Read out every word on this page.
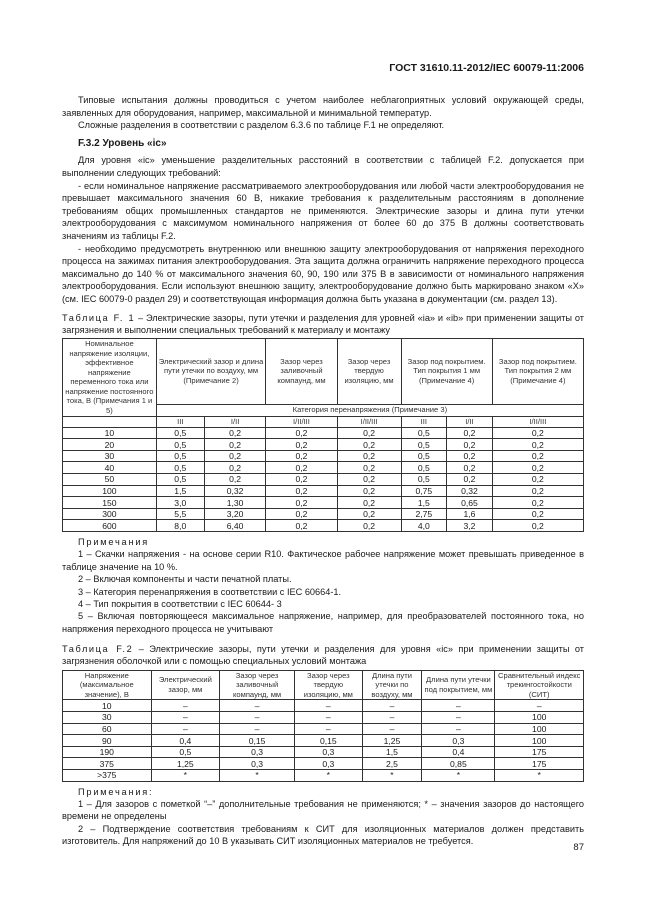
ГОСТ 31610.11-2012/IEC 60079-11:2006

Типовые испытания должны проводиться с учетом наиболее неблагоприятных условий окружающей среды, заявленных для оборудования, например, максимальной и минимальной температур.

Сложные разделения в соответствии с разделом 6.3.6 по таблице F.1 не определяют.

F.3.2 Уровень «ic»

Для уровня «ic» уменьшение разделительных расстояний в соответствии с таблицей F.2. допускается при выполнении следующих требований:

- если номинальное напряжение рассматриваемого электрооборудования или любой части электрооборудования не превышает максимального значения 60 В, никакие требования к разделительным расстояниям в дополнение требованиям общих промышленных стандартов не применяются. Электрические зазоры и длина пути утечки электрооборудования с максимумом номинального напряжения от более 60 до 375 В должны соответствовать значениям из таблицы F.2.

- необходимо предусмотреть внутреннюю или внешнюю защиту электрооборудования от напряжения переходного процесса на зажимах питания электрооборудования. Эта защита должна ограничить напряжение переходного процесса максимально до 140 % от максимального значения 60, 90, 190 или 375 В в зависимости от номинального напряжения электрооборудования. Если используют внешнюю защиту, электрооборудование должно быть маркировано знаком «X» (см. IEC 60079-0 раздел 29) и соответствующая информация должна быть указана в документации (см. раздел 13).

Таблица F. 1 – Электрические зазоры, пути утечки и разделения для уровней «ia» и «ib» при применении защиты от загрязнения и выполнении специальных требований к материалу и монтажу

Номинальное напряжение изоляции, эффективное напряжение переменного тока или напряжение постоянного тока, В (Примечания 1 и 5)	Электрический зазор и длина пути утечки по воздуху, мм (Примечание 2)		Зазор через заливочный компаунд, мм	Зазор через твердую изоляцию, мм	Зазор под покрытием. Тип покрытия 1 мм (Примечание 4)		Зазор под покрытием. Тип покрытия 2 мм (Примечание 4)
	Категория перенапряжения (Примечание 3)						
	III	I/II	I/II/III	I/II/III	III	I/II	I/II/III
10	0,5	0,2	0,2	0,2	0,5	0,2	0,2
20	0,5	0,2	0,2	0,2	0,5	0,2	0,2
30	0,5	0,2	0,2	0,2	0,5	0,2	0,2
40	0,5	0,2	0,2	0,2	0,5	0,2	0,2
50	0,5	0,2	0,2	0,2	0,5	0,2	0,2
100	1,5	0,32	0,2	0,2	0,75	0,32	0,2
150	3,0	1,30	0,2	0,2	1,5	0,65	0,2
300	5,5	3,20	0,2	0,2	2,75	1,6	0,2
600	8,0	6,40	0,2	0,2	4,0	3,2	0,2

Примечания

1 – Скачки напряжения - на основе серии R10. Фактическое рабочее напряжение может превышать приведенное в таблице значение на 10 %.

2 – Включая компоненты и части печатной платы.

3 – Категория перенапряжения в соответствии с IEC 60664-1.

4 – Тип покрытия в соответствии с IEC 60644- 3

5 – Включая повторяющееся максимальное напряжение, например, для преобразователей постоянного тока, но напряжения переходного процесса не учитывают

Таблица F.2 – Электрические зазоры, пути утечки и разделения для уровня «ic» при применении защиты от загрязнения оболочкой или с помощью специальных условий монтажа

Напряжение (максимальное значение), В	Электрический зазор, мм	Зазор через заливочный компаунд, мм	Зазор через твердую изоляцию, мм	Длина пути утечки по воздуху, мм	Длина пути утечки под покрытием, мм	Сравнительный индекс трекингостойкости (СИТ)
10	–	–	–	–	–	–
30	–	–	–	–	–	100
60	–	–	–	–	–	100
90	0,4	0,15	0,15	1,25	0,3	100
190	0,5	0,3	0,3	1,5	0,4	175
375	1,25	0,3	0,3	2,5	0,85	175
>375	*	*	*	*	*	*

Примечания:

1 – Для зазоров с пометкой “–” дополнительные требования не применяются; * – значения зазоров до настоящего времени не определены

2 – Подтверждение соответствия требованиям к СИТ для изоляционных материалов должен представить изготовитель. Для напряжений до 10 В указывать СИТ изоляционных материалов не требуется.

87
